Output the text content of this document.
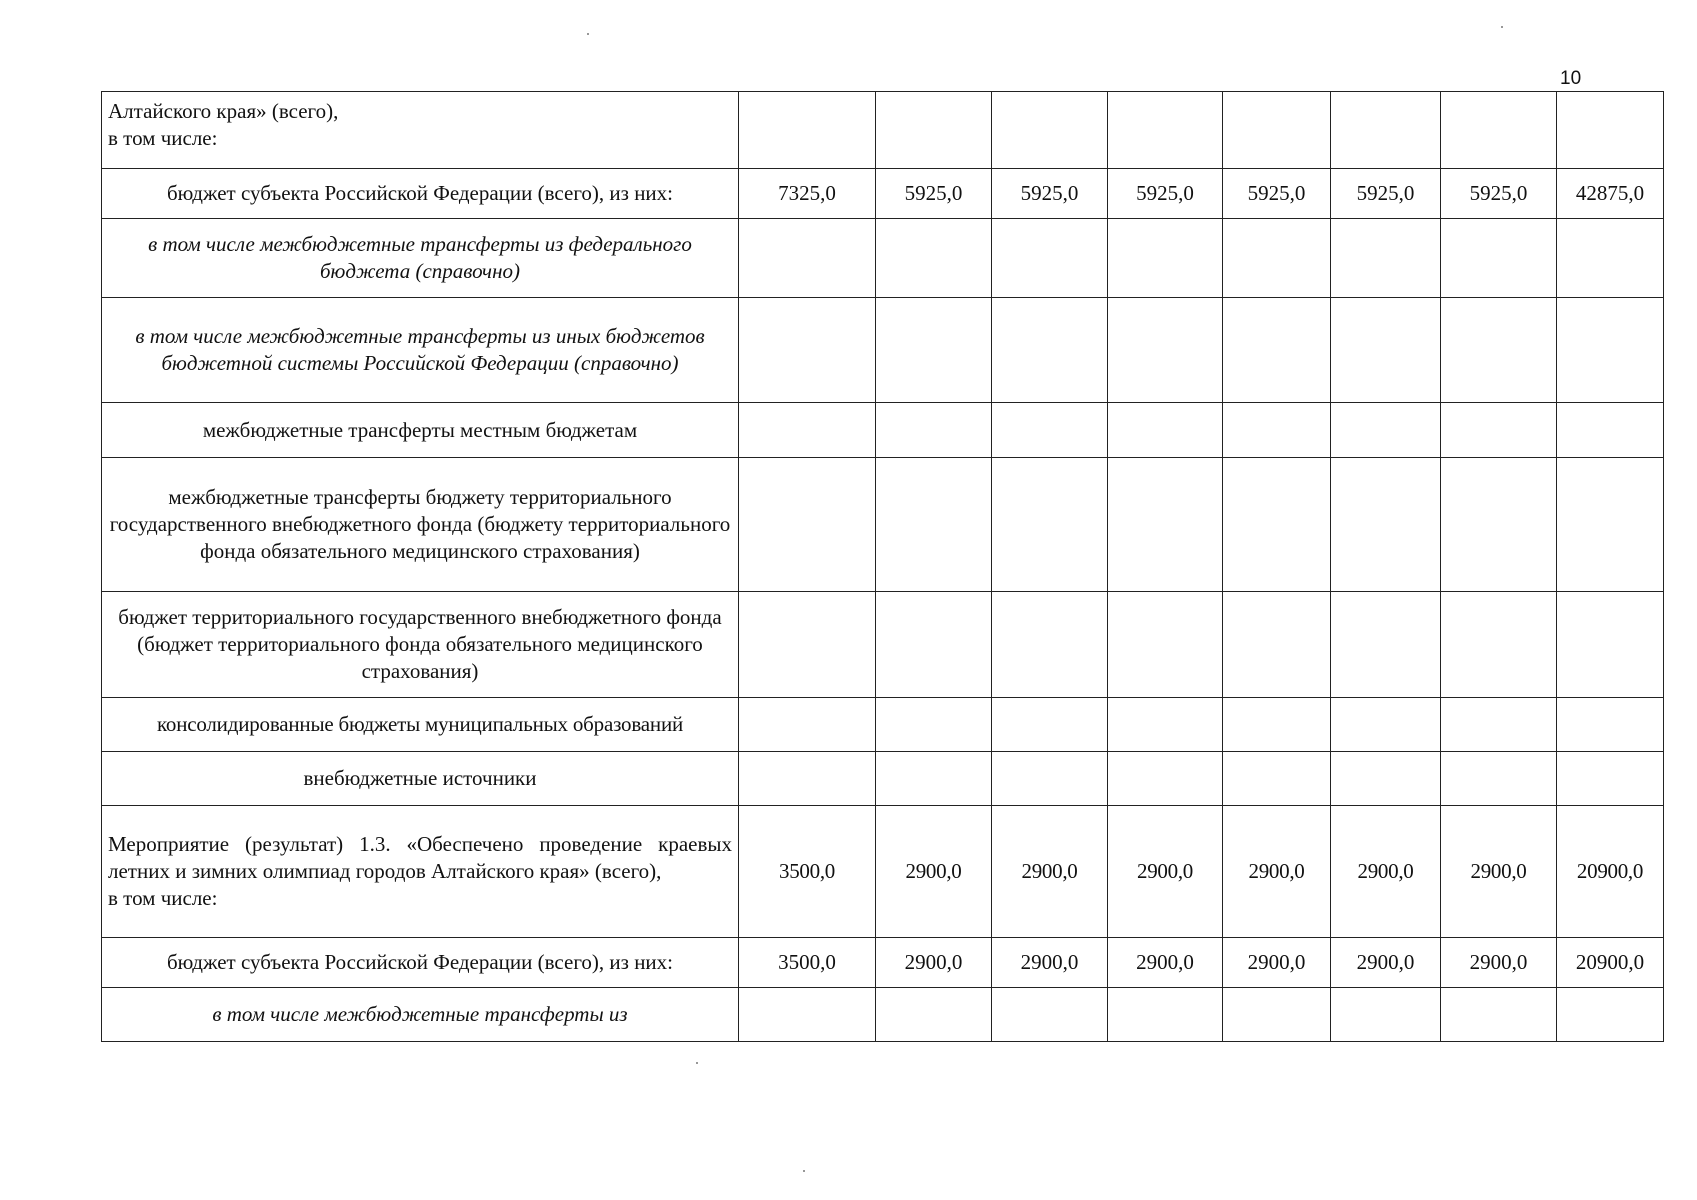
10
Алтайского края» (всего),
в том числе:								

бюджет субъекта Российской Федерации (всего), из них:	7325,0	5925,0	5925,0	5925,0	5925,0	5925,0	5925,0	42875,0
в том числе межбюджетные трансферты из федерального бюджета (справочно)								
в том числе межбюджетные трансферты из иных бюджетов бюджетной системы Российской Федерации (справочно)								
межбюджетные трансферты местным бюджетам								
межбюджетные трансферты бюджету территориального государственного внебюджетного фонда (бюджету территориального фонда обязательного медицинского страхования)								
бюджет территориального государственного внебюджетного фонда (бюджет территориального фонда обязательного медицинского страхования)								
консолидированные бюджеты муниципальных образований								
внебюджетные источники								

Мероприятие (результат) 1.3. «Обеспечено проведение краевых летних и зимних олимпиад городов Алтайского края» (всего),
в том числе:	3500,0	2900,0	2900,0	2900,0	2900,0	2900,0	2900,0	20900,0
бюджет субъекта Российской Федерации (всего), из них:	3500,0	2900,0	2900,0	2900,0	2900,0	2900,0	2900,0	20900,0
в том числе межбюджетные трансферты из								
